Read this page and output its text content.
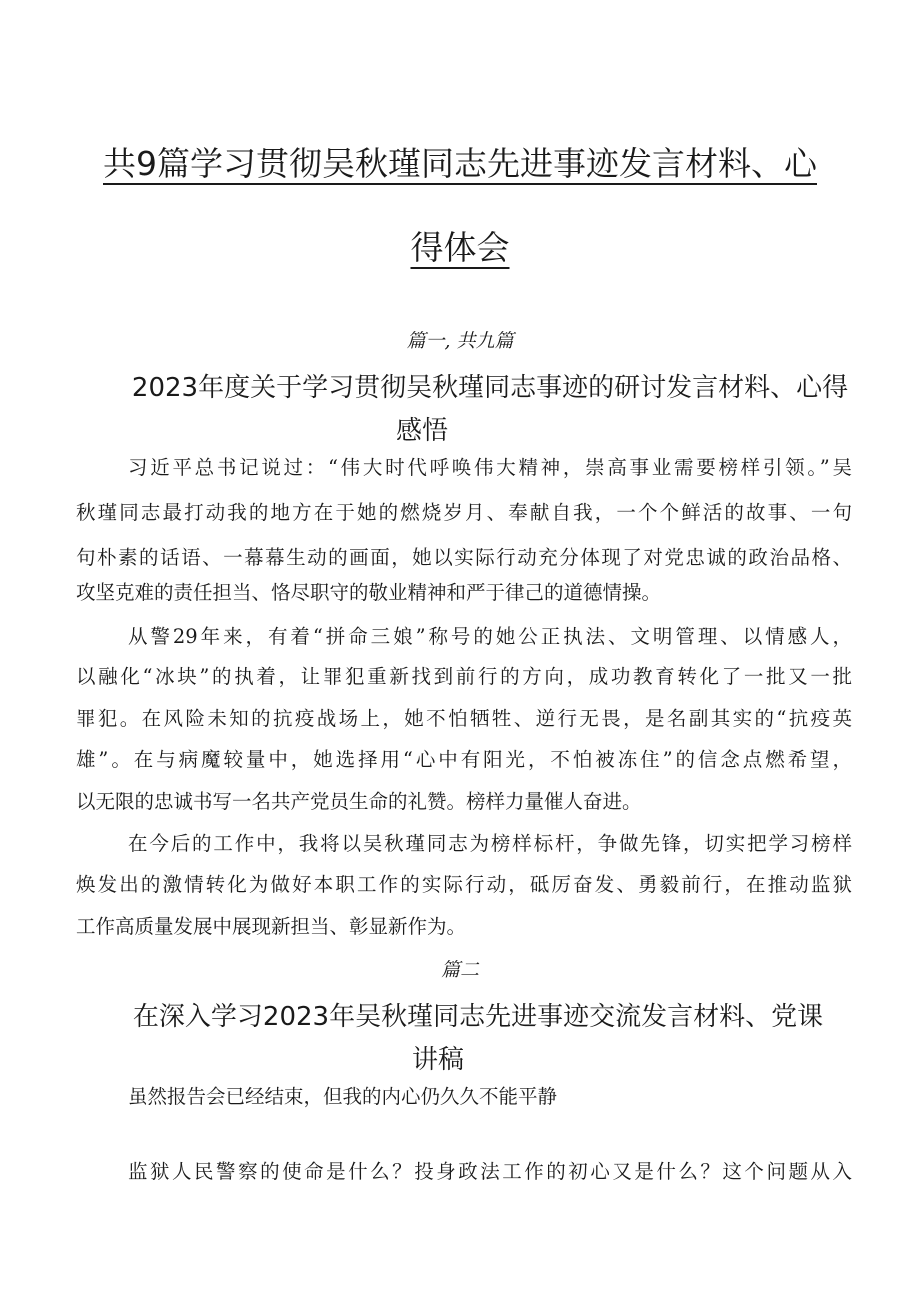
共9篇学习贯彻吴秋瑾同志先进事迹发言材料、心
得体会
篇一, 共九篇
2023年度关于学习贯彻吴秋瑾同志事迹的研讨发言材料、心得
感悟
习近平总书记说过：“伟大时代呼唤伟大精神，崇高事业需要榜样引领。”吴
秋瑾同志最打动我的地方在于她的燃烧岁月、奉献自我，一个个鲜活的故事、一句
句朴素的话语、一幕幕生动的画面，她以实际行动充分体现了对党忠诚的政治品格、
攻坚克难的责任担当、恪尽职守的敬业精神和严于律己的道德情操。
从警29年来，有着“拼命三娘”称号的她公正执法、文明管理、以情感人，
以融化“冰块”的执着，让罪犯重新找到前行的方向，成功教育转化了一批又一批
罪犯。在风险未知的抗疫战场上，她不怕牺牲、逆行无畏，是名副其实的“抗疫英
雄”。在与病魔较量中，她选择用“心中有阳光，不怕被冻住”的信念点燃希望，
以无限的忠诚书写一名共产党员生命的礼赞。榜样力量催人奋进。
在今后的工作中，我将以吴秋瑾同志为榜样标杆，争做先锋，切实把学习榜样
焕发出的激情转化为做好本职工作的实际行动，砥厉奋发、勇毅前行，在推动监狱
工作高质量发展中展现新担当、彰显新作为。
篇二
在深入学习2023年吴秋瑾同志先进事迹交流发言材料、党课
讲稿
虽然报告会已经结束，但我的内心仍久久不能平静
监狱人民警察的使命是什么？投身政法工作的初心又是什么？这个问题从入
